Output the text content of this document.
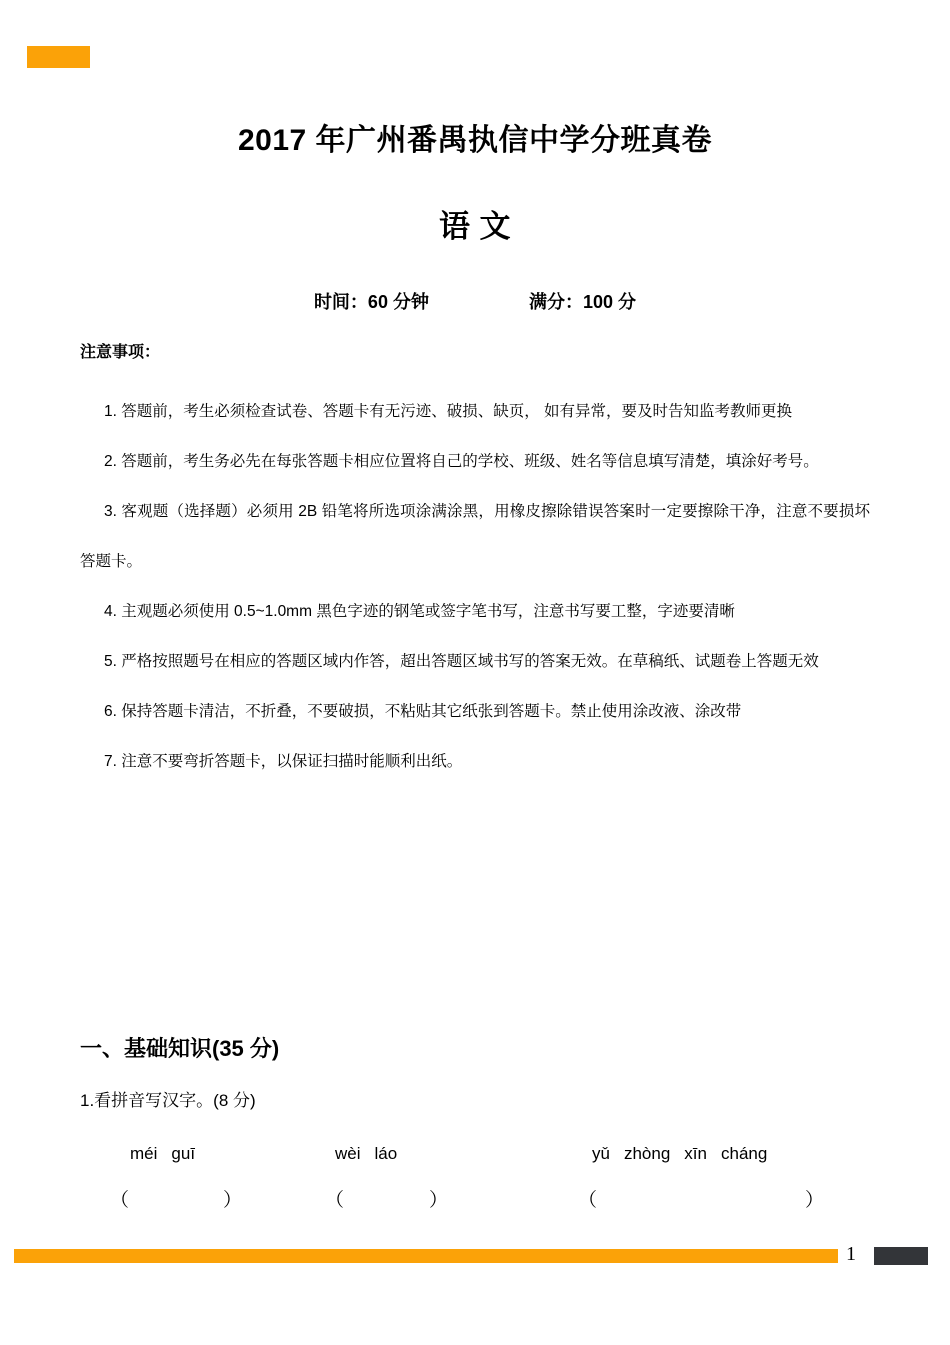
2017 年广州番禺执信中学分班真卷
语 文
时间：60 分钟	满分：100 分

注意事项：

1. 答题前，考生必须检查试卷、答题卡有无污迹、破损、缺页， 如有异常，要及时告知监考教师更换

2. 答题前，考生务必先在每张答题卡相应位置将自己的学校、班级、姓名等信息填写清楚，填涂好考号。

3. 客观题（选择题）必须用 2B 铅笔将所选项涂满涂黑，用橡皮擦除错误答案时一定要擦除干净，注意不要损坏答题卡。

4. 主观题必须使用 0.5~1.0mm 黑色字迹的钢笔或签字笔书写，注意书写要工整，字迹要清晰

5. 严格按照题号在相应的答题区域内作答，超出答题区域书写的答案无效。在草稿纸、试题卷上答题无效

6. 保持答题卡清洁，不折叠，不要破损，不粘贴其它纸张到答题卡。禁止使用涂改液、涂改带

7. 注意不要弯折答题卡，以保证扫描时能顺利出纸。

一、基础知识(35 分)
1.看拼音写汉字。(8 分)
méi guī	wèi láo	yǔ zhòng xīn cháng
（	）	（	）	（	）
1
